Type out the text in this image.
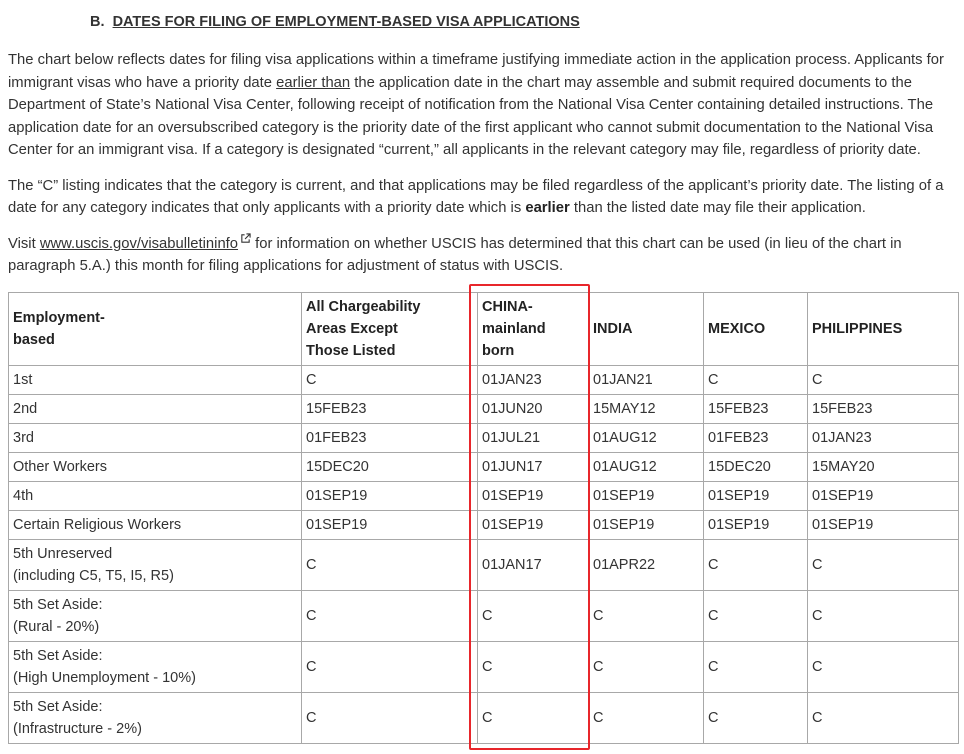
B. DATES FOR FILING OF EMPLOYMENT-BASED VISA APPLICATIONS

The chart below reflects dates for filing visa applications within a timeframe justifying immediate action in the application process. Applicants for immigrant visas who have a priority date earlier than the application date in the chart may assemble and submit required documents to the Department of State’s National Visa Center, following receipt of notification from the National Visa Center containing detailed instructions. The application date for an oversubscribed category is the priority date of the first applicant who cannot submit documentation to the National Visa Center for an immigrant visa. If a category is designated “current,” all applicants in the relevant category may file, regardless of priority date.

The “C” listing indicates that the category is current, and that applications may be filed regardless of the applicant’s priority date. The listing of a date for any category indicates that only applicants with a priority date which is earlier than the listed date may file their application.

Visit www.uscis.gov/visabulletininfo for information on whether USCIS has determined that this chart can be used (in lieu of the chart in paragraph 5.A.) this month for filing applications for adjustment of status with USCIS.

Employment-
based	All Chargeability
Areas Except
Those Listed	CHINA-
mainland
born	INDIA	MEXICO	PHILIPPINES

1st	C	01JAN23	01JAN21	C	C

2nd	15FEB23	01JUN20	15MAY12	15FEB23	15FEB23

3rd	01FEB23	01JUL21	01AUG12	01FEB23	01JAN23

Other Workers	15DEC20	01JUN17	01AUG12	15DEC20	15MAY20

4th	01SEP19	01SEP19	01SEP19	01SEP19	01SEP19

Certain Religious Workers	01SEP19	01SEP19	01SEP19	01SEP19	01SEP19

5th Unreserved
(including C5, T5, I5, R5)	C	01JAN17	01APR22	C	C

5th Set Aside:
(Rural - 20%)	C	C	C	C	C

5th Set Aside:
(High Unemployment - 10%)	C	C	C	C	C

5th Set Aside:
(Infrastructure - 2%)	C	C	C	C	C
